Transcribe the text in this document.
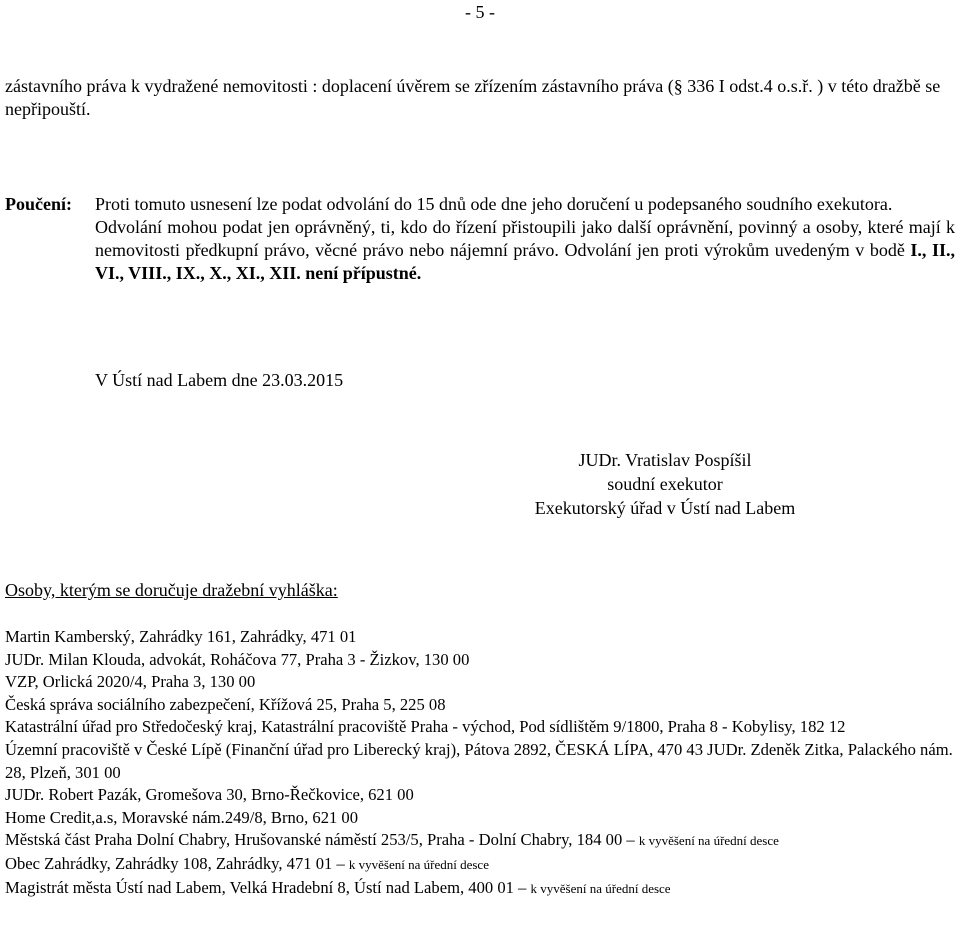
- 5 -
zástavního práva k vydražené nemovitosti : doplacení úvěrem se zřízením zástavního práva (§ 336 I odst.4 o.s.ř. ) v této dražbě se nepřipouští.
Poučení: Proti tomuto usnesení lze podat odvolání do 15 dnů ode dne jeho doručení u podepsaného soudního exekutora.

Odvolání mohou podat jen oprávněný, ti, kdo do řízení přistoupili jako další oprávnění, povinný a osoby, které mají k nemovitosti předkupní právo, věcné právo nebo nájemní právo. Odvolání jen proti výrokům uvedeným v bodě I., II., VI., VIII., IX., X., XI., XII. není přípustné.

V Ústí nad Labem dne 23.03.2015
JUDr. Vratislav Pospíšil
soudní exekutor
Exekutorský úřad v Ústí nad Labem
Osoby, kterým se doručuje dražební vyhláška:
Martin Kamberský, Zahrádky 161, Zahrádky, 471 01
JUDr. Milan Klouda, advokát, Roháčova 77, Praha 3 - Žizkov, 130 00
VZP, Orlická 2020/4, Praha 3, 130 00
Česká správa sociálního zabezpečení, Křížová 25, Praha 5, 225 08
Katastrální úřad pro Středočeský kraj, Katastrální pracoviště Praha - východ, Pod sídlištěm 9/1800, Praha 8 - Kobylisy, 182 12
Územní pracoviště v České Lípě (Finanční úřad pro Liberecký kraj), Pátova 2892, ČESKÁ LÍPA, 470 43 JUDr. Zdeněk Zitka, Palackého nám. 28, Plzeň, 301 00
JUDr. Robert Pazák, Gromešova 30, Brno-Řečkovice, 621 00
Home Credit,a.s, Moravské nám.249/8, Brno, 621 00
Městská část Praha Dolní Chabry, Hrušovanské náměstí 253/5, Praha - Dolní Chabry, 184 00 – k vyvěšení na úřední desce
Obec Zahrádky, Zahrádky 108, Zahrádky, 471 01 – k vyvěšení na úřední desce
Magistrát města Ústí nad Labem, Velká Hradební 8, Ústí nad Labem, 400 01 – k vyvěšení na úřední desce
